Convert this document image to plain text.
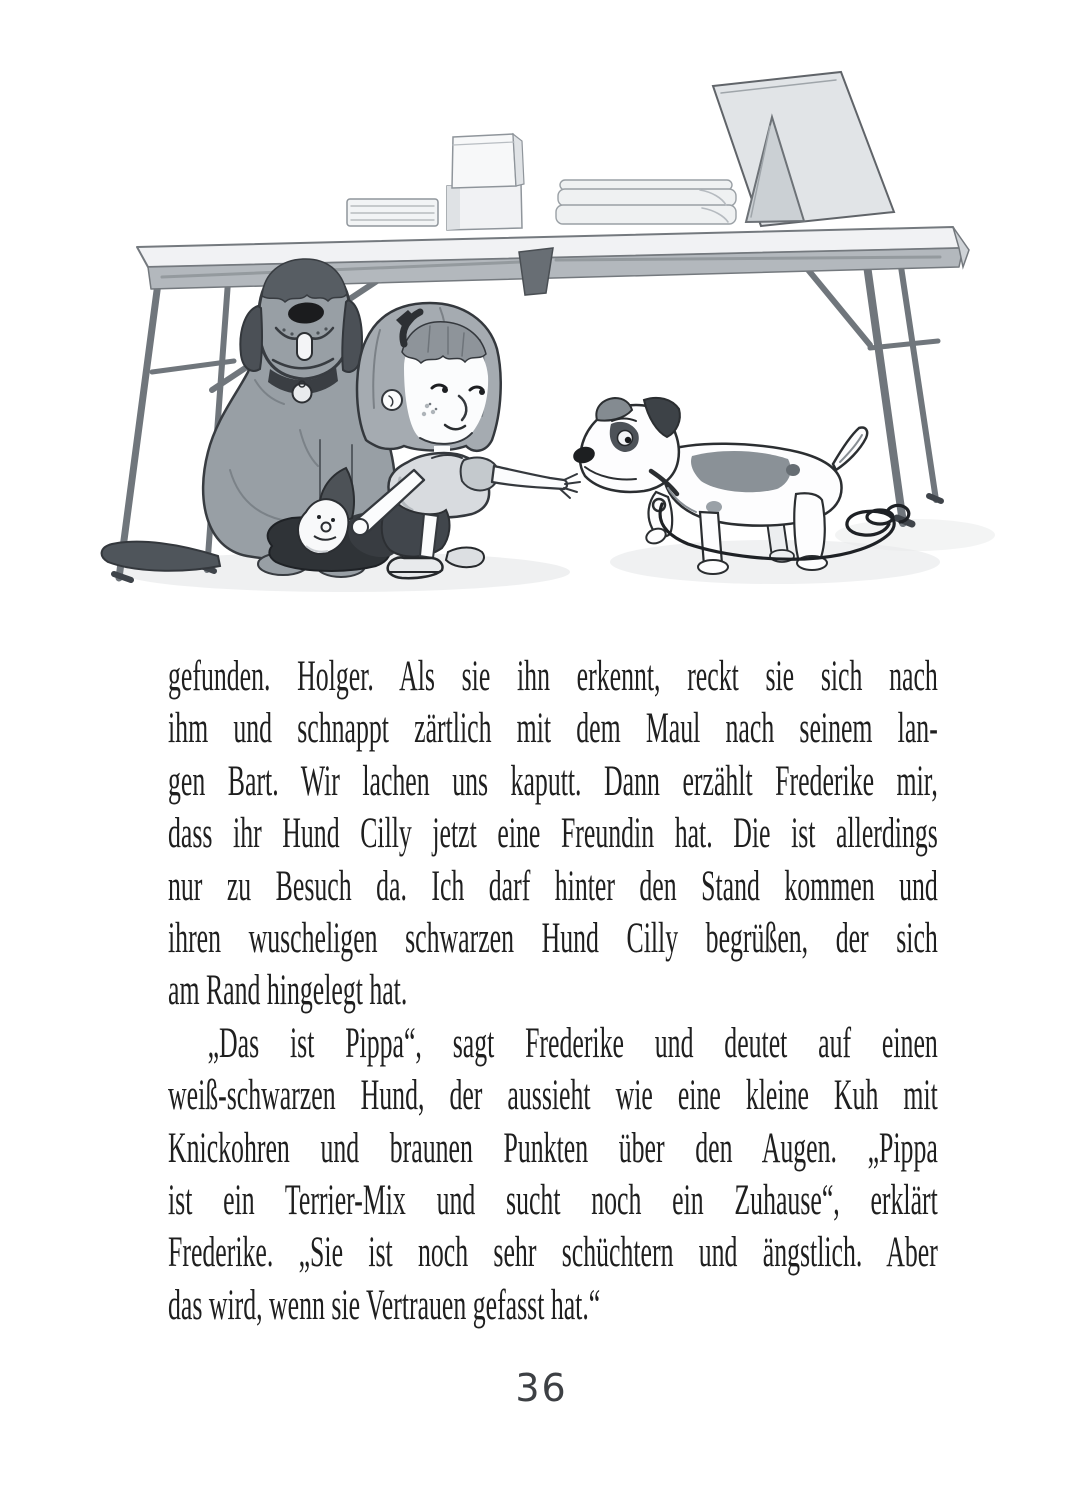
gefunden. Holger. Als sie ihn erkennt, reckt sie sich nach
ihm und schnappt zärtlich mit dem Maul nach seinem lan-
gen Bart. Wir lachen uns kaputt. Dann erzählt Frederike mir,
dass ihr Hund Cilly jetzt eine Freundin hat. Die ist allerdings
nur zu Besuch da. Ich darf hinter den Stand kommen und
ihren wuscheligen schwarzen Hund Cilly begrüßen, der sich
am Rand hingelegt hat.
„Das ist Pippa“, sagt Frederike und deutet auf einen
weiß-schwarzen Hund, der aussieht wie eine kleine Kuh mit
Knickohren und braunen Punkten über den Augen. „Pippa
ist ein Terrier-Mix und sucht noch ein Zuhause“, erklärt
Frederike. „Sie ist noch sehr schüchtern und ängstlich. Aber
das wird, wenn sie Vertrauen gefasst hat.“
36
